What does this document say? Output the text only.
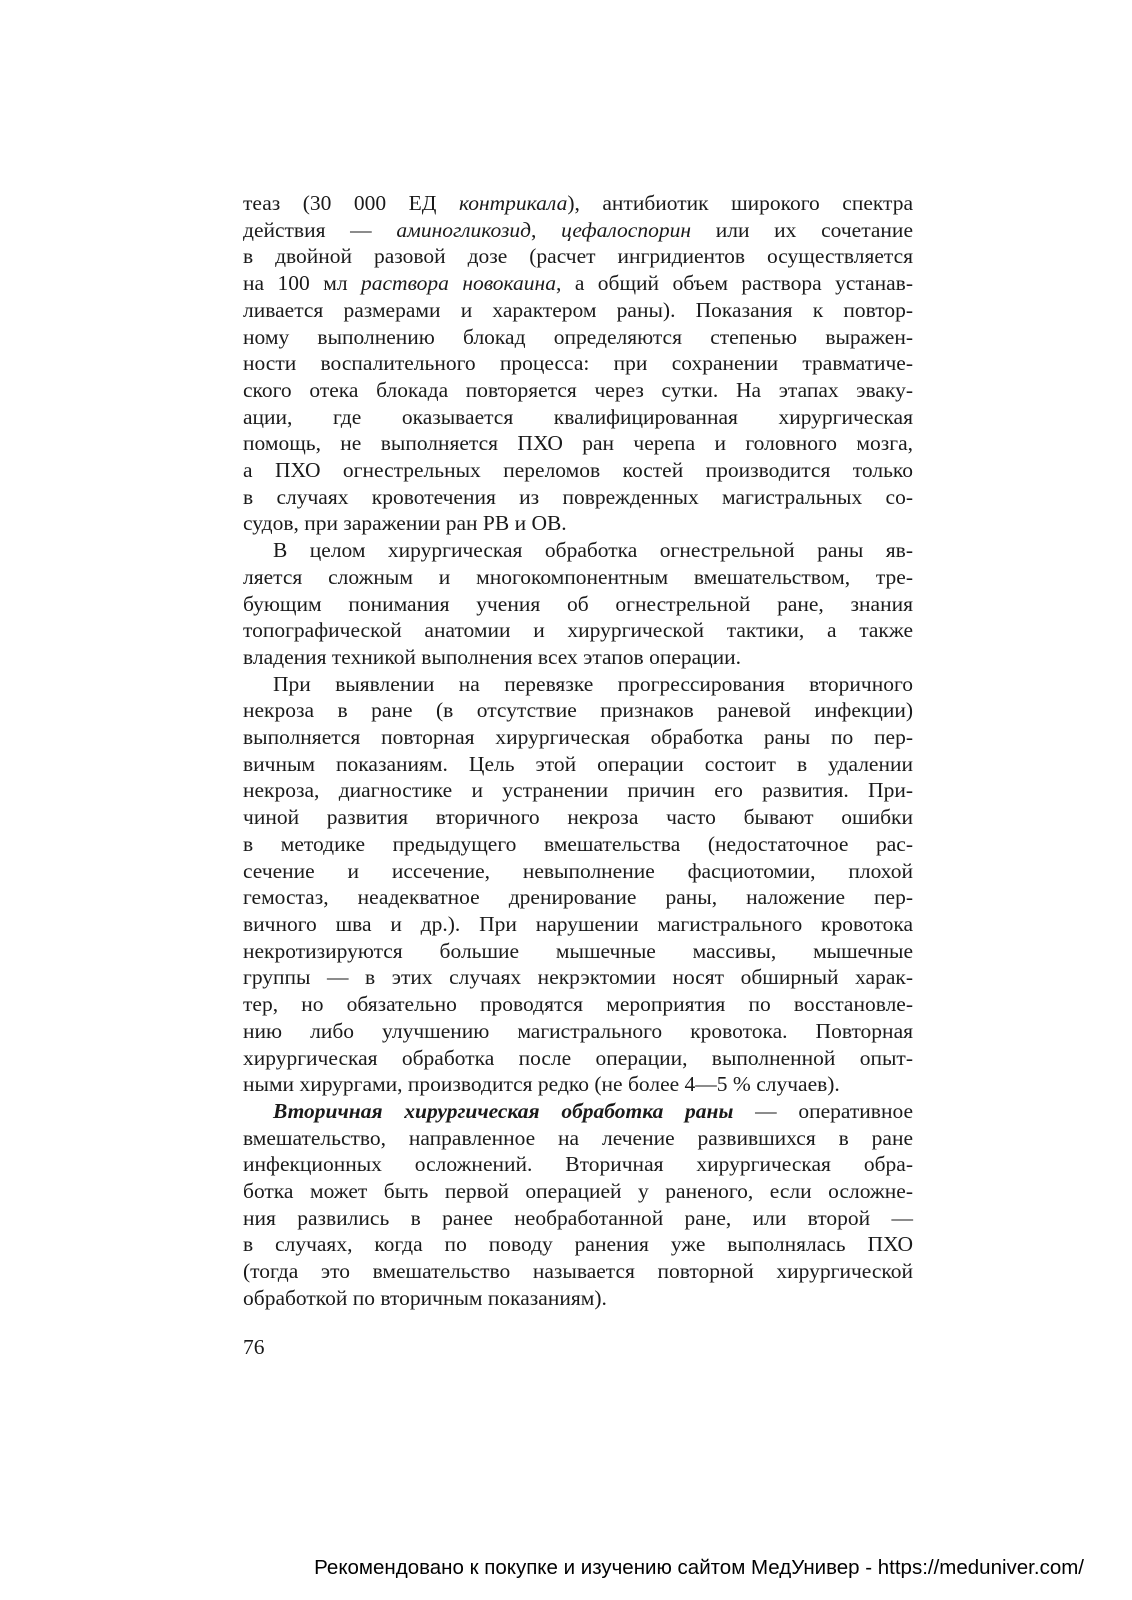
теаз (30 000 ЕД контрикала), антибиотик широкого спектра
действия — аминогликозид, цефалоспорин или их сочетание
в двойной разовой дозе (расчет ингридиентов осуществляется
на 100 мл раствора новокаина, а общий объем раствора устанав-
ливается размерами и характером раны). Показания к повтор-
ному выполнению блокад определяются степенью выражен-
ности воспалительного процесса: при сохранении травматиче-
ского отека блокада повторяется через сутки. На этапах эваку-
ации, где оказывается квалифицированная хирургическая
помощь, не выполняется ПХО ран черепа и головного мозга,
а ПХО огнестрельных переломов костей производится только
в случаях кровотечения из поврежденных магистральных со-
судов, при заражении ран РВ и ОВ.

В целом хирургическая обработка огнестрельной раны яв-
ляется сложным и многокомпонентным вмешательством, тре-
бующим понимания учения об огнестрельной ране, знания
топографической анатомии и хирургической тактики, а также
владения техникой выполнения всех этапов операции.

При выявлении на перевязке прогрессирования вторичного
некроза в ране (в отсутствие признаков раневой инфекции)
выполняется повторная хирургическая обработка раны по пер-
вичным показаниям. Цель этой операции состоит в удалении
некроза, диагностике и устранении причин его развития. При-
чиной развития вторичного некроза часто бывают ошибки
в методике предыдущего вмешательства (недостаточное рас-
сечение и иссечение, невыполнение фасциотомии, плохой
гемостаз, неадекватное дренирование раны, наложение пер-
вичного шва и др.). При нарушении магистрального кровотока
некротизируются большие мышечные массивы, мышечные
группы — в этих случаях некрэктомии носят обширный харак-
тер, но обязательно проводятся мероприятия по восстановле-
нию либо улучшению магистрального кровотока. Повторная
хирургическая обработка после операции, выполненной опыт-
ными хирургами, производится редко (не более 4—5 % случаев).

Вторичная хирургическая обработка раны — оперативное
вмешательство, направленное на лечение развившихся в ране
инфекционных осложнений. Вторичная хирургическая обра-
ботка может быть первой операцией у раненого, если осложне-
ния развились в ранее необработанной ране, или второй —
в случаях, когда по поводу ранения уже выполнялась ПХО
(тогда это вмешательство называется повторной хирургической
обработкой по вторичным показаниям).

76
Рекомендовано к покупке и изучению сайтом МедУнивер - https://meduniver.com/
